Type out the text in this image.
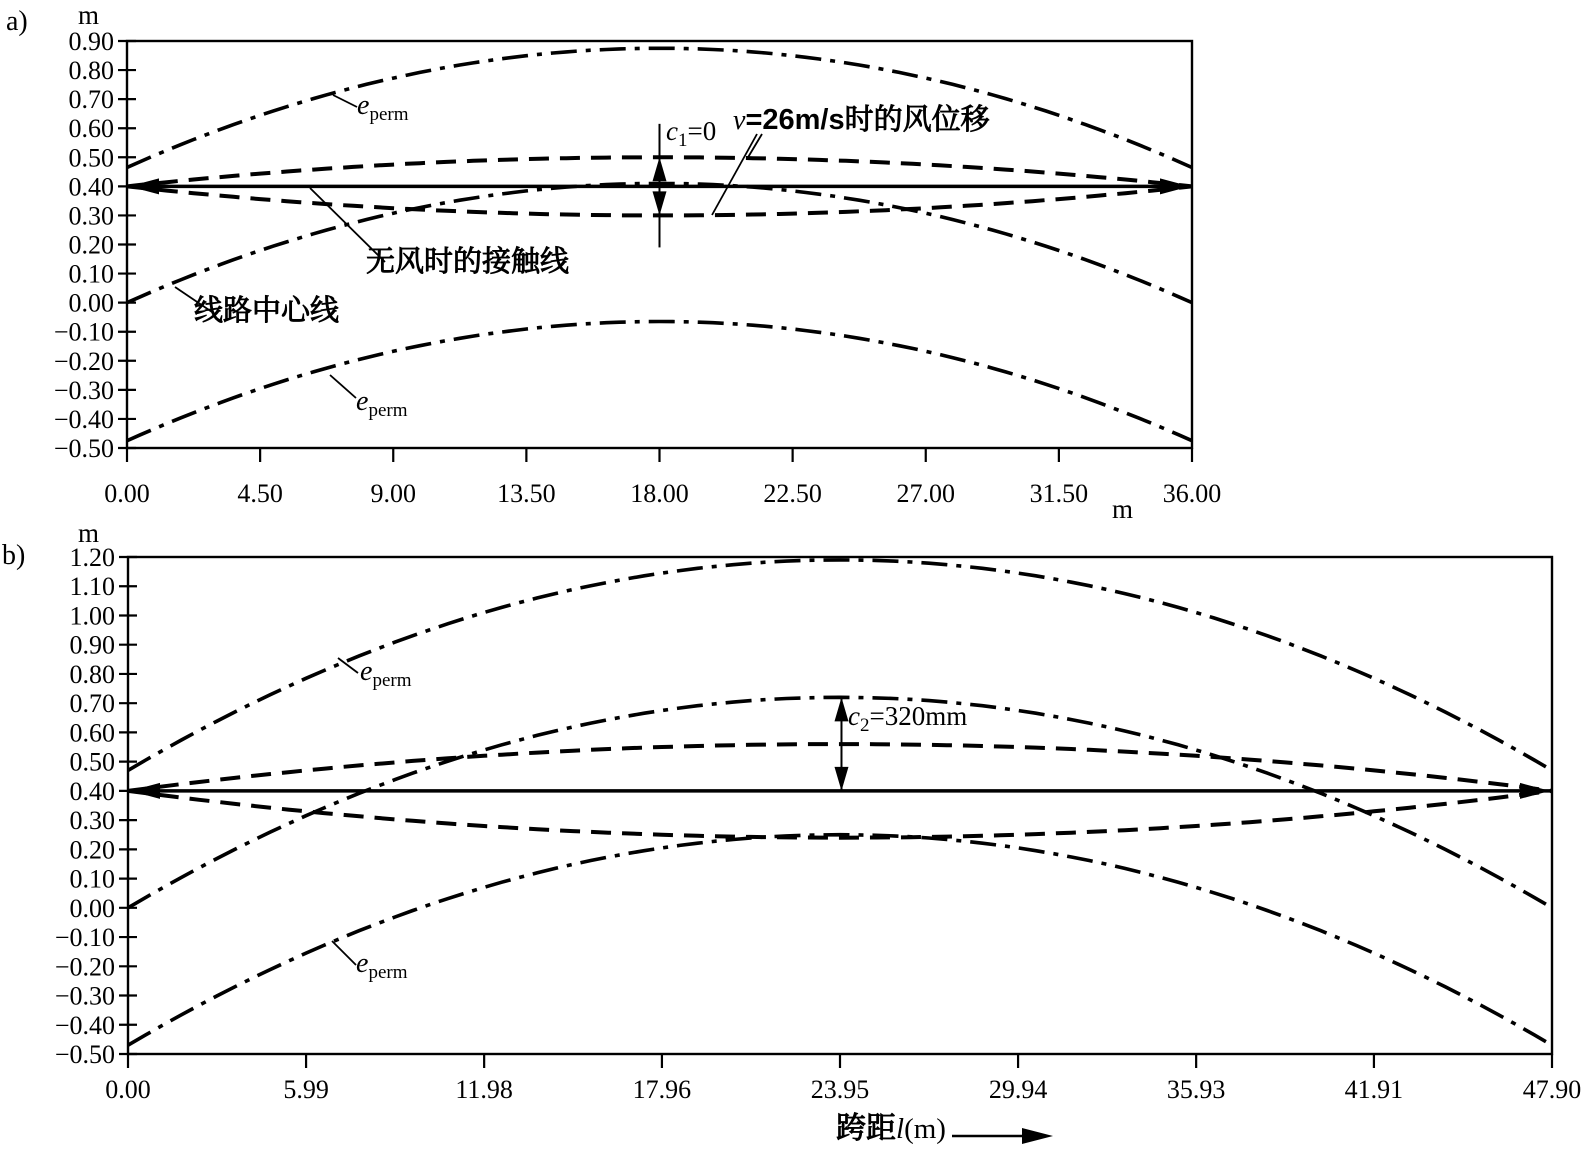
0.90
0.80
0.70
0.60
0.50
0.40
0.30
0.20
0.10
0.00
−0.10
−0.20
−0.30
−0.40
−0.50
0.00	4.50	9.00	13.50	18.00	22.50	27.00	31.50	36.00
1.20
1.10
1.00
0.90
0.80
0.70
0.60
0.50
0.40
0.30
0.20
0.10
0.00
−0.10
−0.20
−0.30
−0.40
−0.50
0.00	5.99	11.98	17.96	23.95	29.94	35.93	41.91	47.90
a)
b)
m
m
m
$e_{perm}$
$e_{perm}$
c1=0 v=26m/s时的风位移
无风时的接触线
线路中心线
$e_{perm}$
$e_{perm}$
c2=320mm
跨距l(m)
